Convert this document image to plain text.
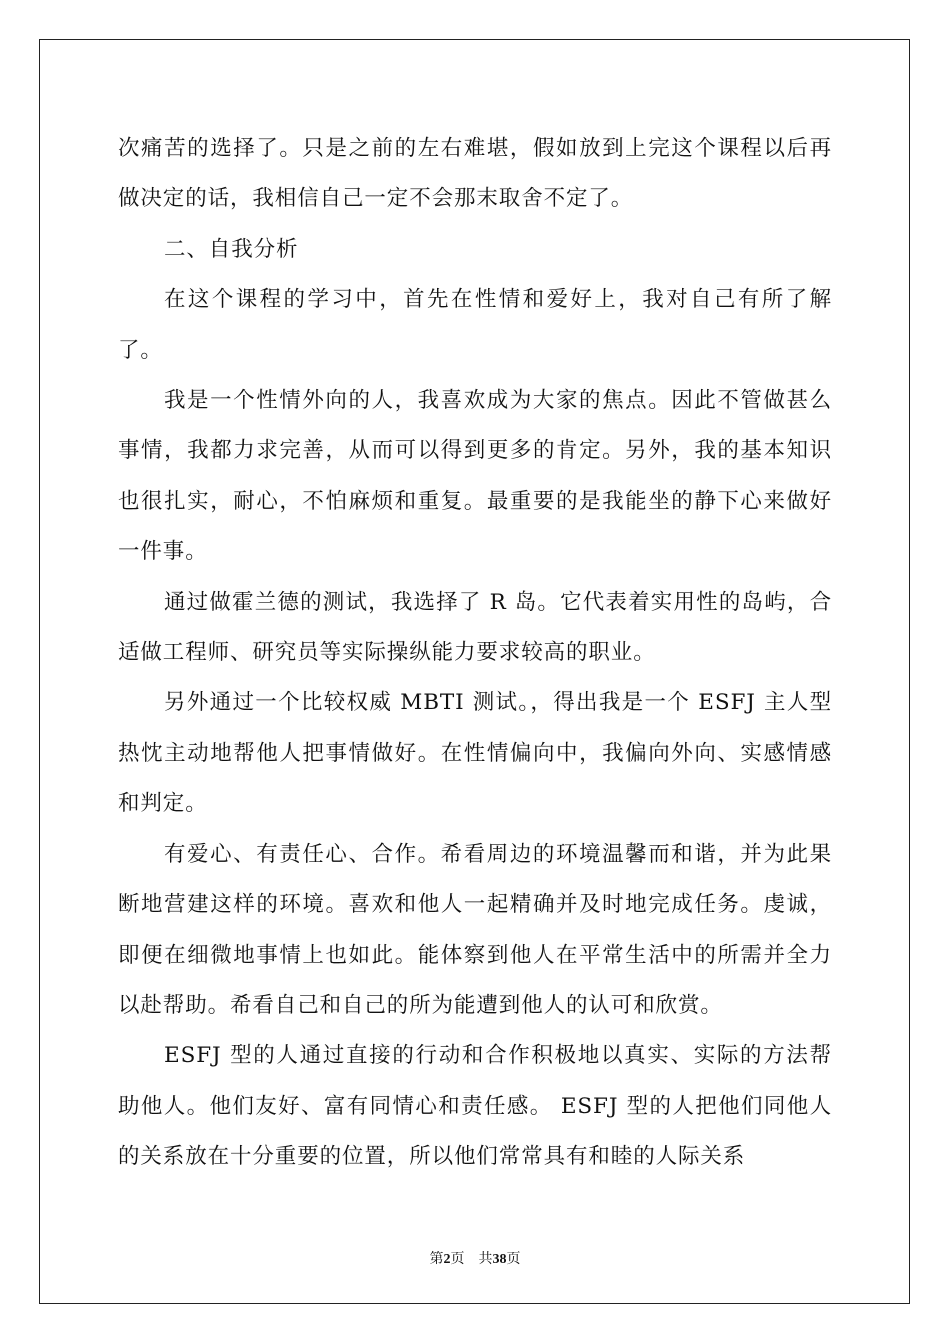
次痛苦的选择了。只是之前的左右难堪，假如放到上完这个课程以后再做决定的话，我相信自己一定不会那末取舍不定了。

二、自我分析

在这个课程的学习中，首先在性情和爱好上，我对自己有所了解了。

我是一个性情外向的人，我喜欢成为大家的焦点。因此不管做甚么事情，我都力求完善，从而可以得到更多的肯定。另外，我的基本知识也很扎实，耐心，不怕麻烦和重复。最重要的是我能坐的静下心来做好一件事。

通过做霍兰德的测试，我选择了 R 岛。它代表着实用性的岛屿，合适做工程师、研究员等实际操纵能力要求较高的职业。

另外通过一个比较权威 MBTI 测试。，得出我是一个 ESFJ 主人型热忱主动地帮他人把事情做好。在性情偏向中，我偏向外向、实感情感和判定。

有爱心、有责任心、合作。希看周边的环境温馨而和谐，并为此果断地营建这样的环境。喜欢和他人一起精确并及时地完成任务。虔诚，即便在细微地事情上也如此。能体察到他人在平常生活中的所需并全力以赴帮助。希看自己和自己的所为能遭到他人的认可和欣赏。

ESFJ 型的人通过直接的行动和合作积极地以真实、实际的方法帮助他人。他们友好、富有同情心和责任感。 ESFJ 型的人把他们同他人的关系放在十分重要的位置，所以他们常常具有和睦的人际关系

第2页 共38页
